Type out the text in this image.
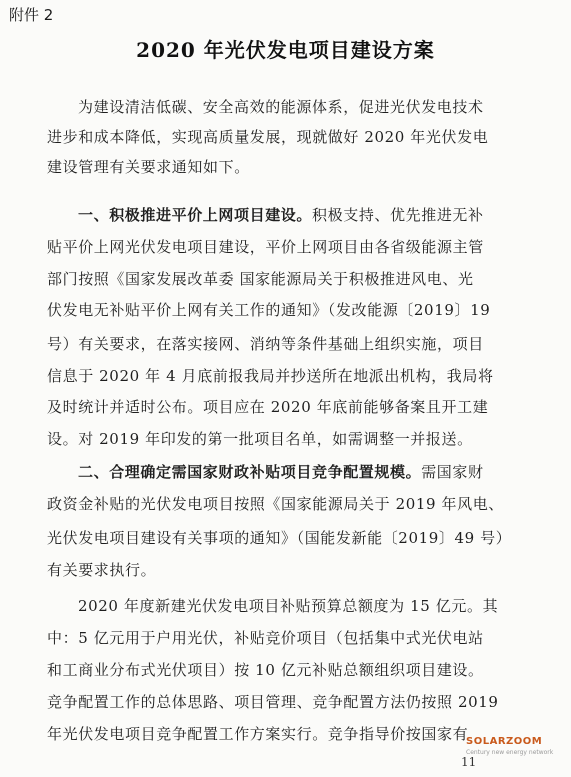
附件 2
2020 年光伏发电项目建设方案
为建设清洁低碳、安全高效的能源体系，促进光伏发电技术
进步和成本降低，实现高质量发展，现就做好 2020 年光伏发电
建设管理有关要求通知如下。
一、积极推进平价上网项目建设。积极支持、优先推进无补
贴平价上网光伏发电项目建设，平价上网项目由各省级能源主管
部门按照《国家发展改革委 国家能源局关于积极推进风电、光
伏发电无补贴平价上网有关工作的通知》（发改能源〔2019〕19
号）有关要求，在落实接网、消纳等条件基础上组织实施，项目
信息于 2020 年 4 月底前报我局并抄送所在地派出机构，我局将
及时统计并适时公布。项目应在 2020 年底前能够备案且开工建
设。对 2019 年印发的第一批项目名单，如需调整一并报送。
二、合理确定需国家财政补贴项目竞争配置规模。需国家财
政资金补贴的光伏发电项目按照《国家能源局关于 2019 年风电、
光伏发电项目建设有关事项的通知》（国能发新能〔2019〕49 号）
有关要求执行。
2020 年度新建光伏发电项目补贴预算总额度为 15 亿元。其
中：5 亿元用于户用光伏，补贴竞价项目（包括集中式光伏电站
和工商业分布式光伏项目）按 10 亿元补贴总额组织项目建设。
竞争配置工作的总体思路、项目管理、竞争配置方法仍按照 2019
年光伏发电项目竞争配置工作方案实行。竞争指导价按国家有
11
SOLARZOOM
Century new energy network
